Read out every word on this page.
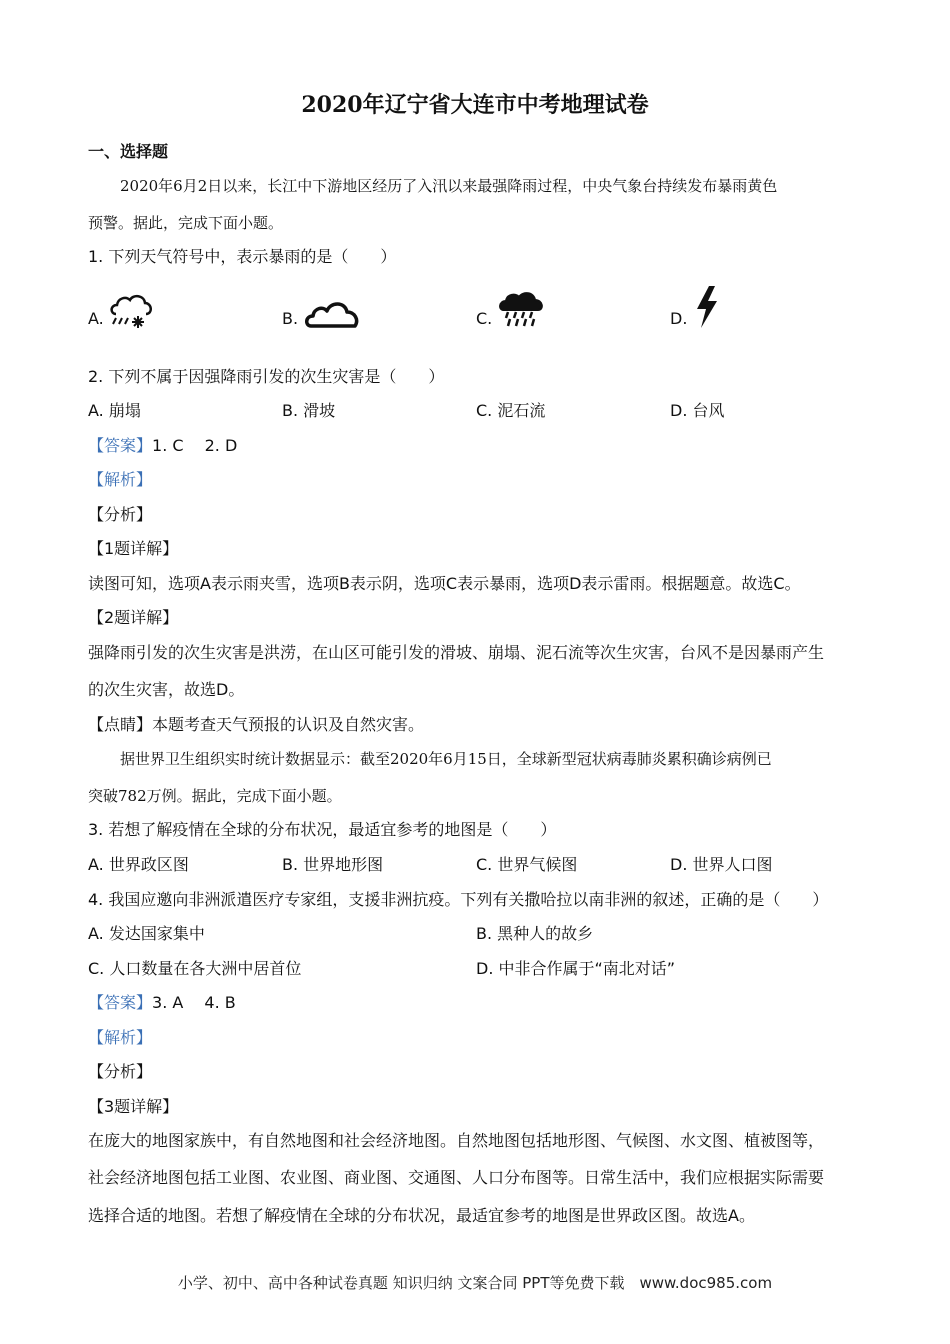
2020年辽宁省大连市中考地理试卷
一、选择题
2020年6月2日以来，长江中下游地区经历了入汛以来最强降雨过程，中央气象台持续发布暴雨黄色
预警。据此，完成下面小题。
1. 下列天气符号中，表示暴雨的是（　　）
A.	B.	C.	D.
2. 下列不属于因强降雨引发的次生灾害是（　　）
A. 崩塌	B. 滑坡	C. 泥石流	D. 台风
【答案】1. C　 2. D
【解析】
【分析】
【1题详解】
读图可知，选项A表示雨夹雪，选项B表示阴，选项C表示暴雨，选项D表示雷雨。根据题意。故选C。
【2题详解】
强降雨引发的次生灾害是洪涝，在山区可能引发的滑坡、崩塌、泥石流等次生灾害，台风不是因暴雨产生
的次生灾害，故选D。
【点睛】本题考查天气预报的认识及自然灾害。
据世界卫生组织实时统计数据显示：截至2020年6月15日，全球新型冠状病毒肺炎累积确诊病例已
突破782万例。据此，完成下面小题。
3. 若想了解疫情在全球的分布状况，最适宜参考的地图是（　　）
A. 世界政区图	B. 世界地形图	C. 世界气候图	D. 世界人口图
4. 我国应邀向非洲派遣医疗专家组，支援非洲抗疫。下列有关撒哈拉以南非洲的叙述，正确的是（　　）
A. 发达国家集中	B. 黑种人的故乡
C. 人口数量在各大洲中居首位	D. 中非合作属于“南北对话”
【答案】3. A　 4. B
【解析】
【分析】
【3题详解】
在庞大的地图家族中，有自然地图和社会经济地图。自然地图包括地形图、气候图、水文图、植被图等，
社会经济地图包括工业图、农业图、商业图、交通图、人口分布图等。日常生活中，我们应根据实际需要
选择合适的地图。若想了解疫情在全球的分布状况，最适宜参考的地图是世界政区图。故选A。
小学、初中、高中各种试卷真题 知识归纳 文案合同 PPT等免费下载　www.doc985.com
